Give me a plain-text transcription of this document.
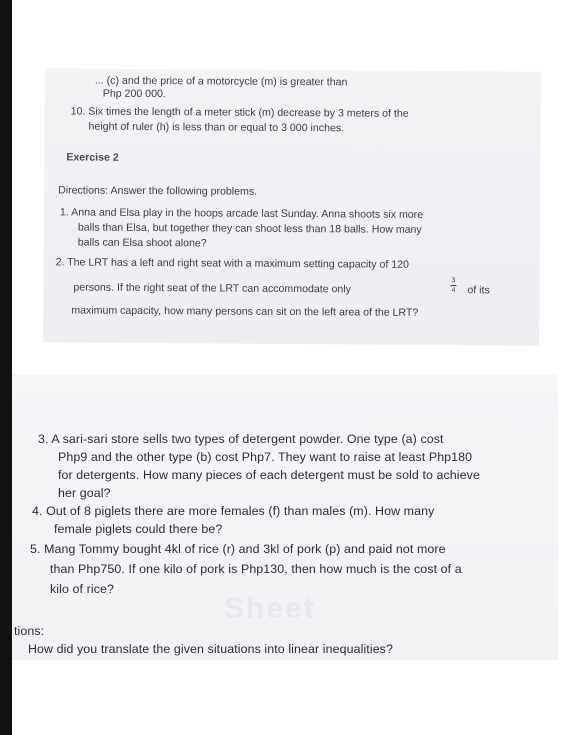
... (c) and the price of a motorcycle (m) is greater than
Php 200 000.
10. Six times the length of a meter stick (m) decrease by 3 meters of the
height of ruler (h) is less than or equal to 3 000 inches.
Exercise 2
Directions: Answer the following problems.
1. Anna and Elsa play in the hoops arcade last Sunday. Anna shoots six more
balls than Elsa, but together they can shoot less than 18 balls. How many
balls can Elsa shoot alone?
2. The LRT has a left and right seat with a maximum setting capacity of 120
persons. If the right seat of the LRT can accommodate only
3
4 of its
maximum capacity, how many persons can sit on the left area of the LRT?
Sheet
3. A sari-sari store sells two types of detergent powder. One type (a) cost
Php9 and the other type (b) cost Php7. They want to raise at least Php180
for detergents. How many pieces of each detergent must be sold to achieve
her goal?
4. Out of 8 piglets there are more females (f) than males (m). How many
female piglets could there be?
5. Mang Tommy bought 4kl of rice (r) and 3kl of pork (p) and paid not more
than Php750. If one kilo of pork is Php130, then how much is the cost of a
kilo of rice?
tions:
How did you translate the given situations into linear inequalities?
